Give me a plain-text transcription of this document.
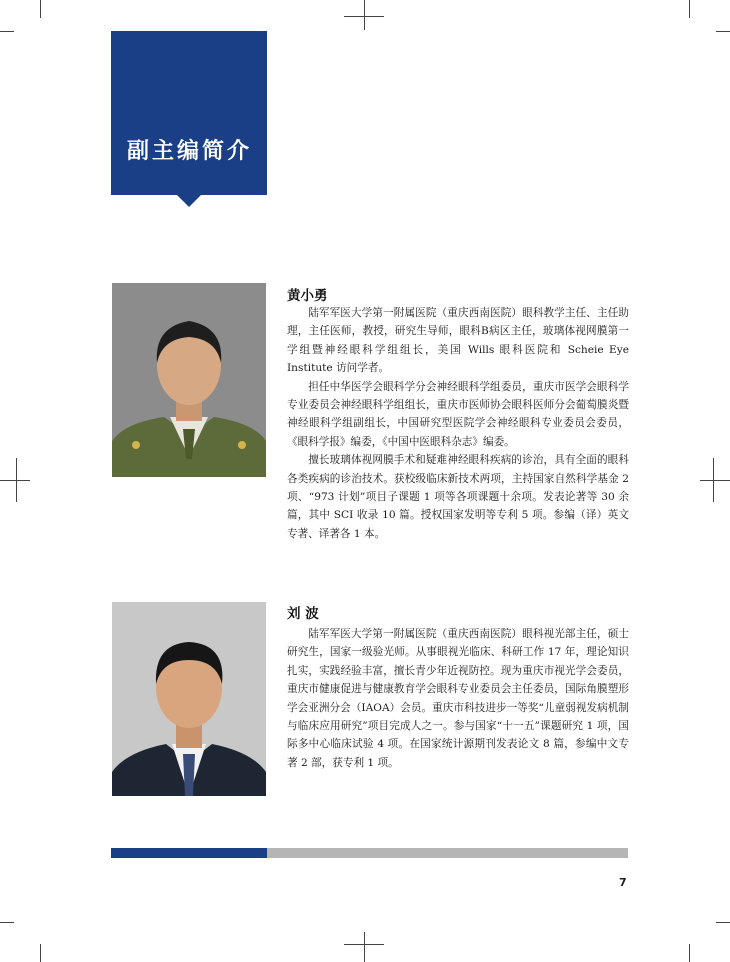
副主编简介
黄小勇

陆军军医大学第一附属医院（重庆西南医院）眼科教学主任、主任助理，主任医师，教授，研究生导师，眼科B病区主任，玻璃体视网膜第一学组暨神经眼科学组组长，美国 Wills 眼科医院和 Scheie Eye Institute 访问学者。

担任中华医学会眼科学分会神经眼科学组委员，重庆市医学会眼科学专业委员会神经眼科学组组长，重庆市医师协会眼科医师分会葡萄膜炎暨神经眼科学组副组长，中国研究型医院学会神经眼科专业委员会委员，《眼科学报》编委，《中国中医眼科杂志》编委。

擅长玻璃体视网膜手术和疑难神经眼科疾病的诊治，具有全面的眼科各类疾病的诊治技术。获校级临床新技术两项，主持国家自然科学基金 2 项、“973 计划”项目子课题 1 项等各项课题十余项。发表论著等 30 余篇，其中 SCI 收录 10 篇。授权国家发明等专利 5 项。参编（译）英文专著、译著各 1 本。

刘 波

陆军军医大学第一附属医院（重庆西南医院）眼科视光部主任，硕士研究生，国家一级验光师。从事眼视光临床、科研工作 17 年，理论知识扎实，实践经验丰富，擅长青少年近视防控。现为重庆市视光学会委员，重庆市健康促进与健康教育学会眼科专业委员会主任委员，国际角膜塑形学会亚洲分会（IAOA）会员。重庆市科技进步一等奖“儿童弱视发病机制与临床应用研究”项目完成人之一。参与国家“十一五”课题研究 1 项，国际多中心临床试验 4 项。在国家统计源期刊发表论文 8 篇，参编中文专著 2 部，获专利 1 项。

7
